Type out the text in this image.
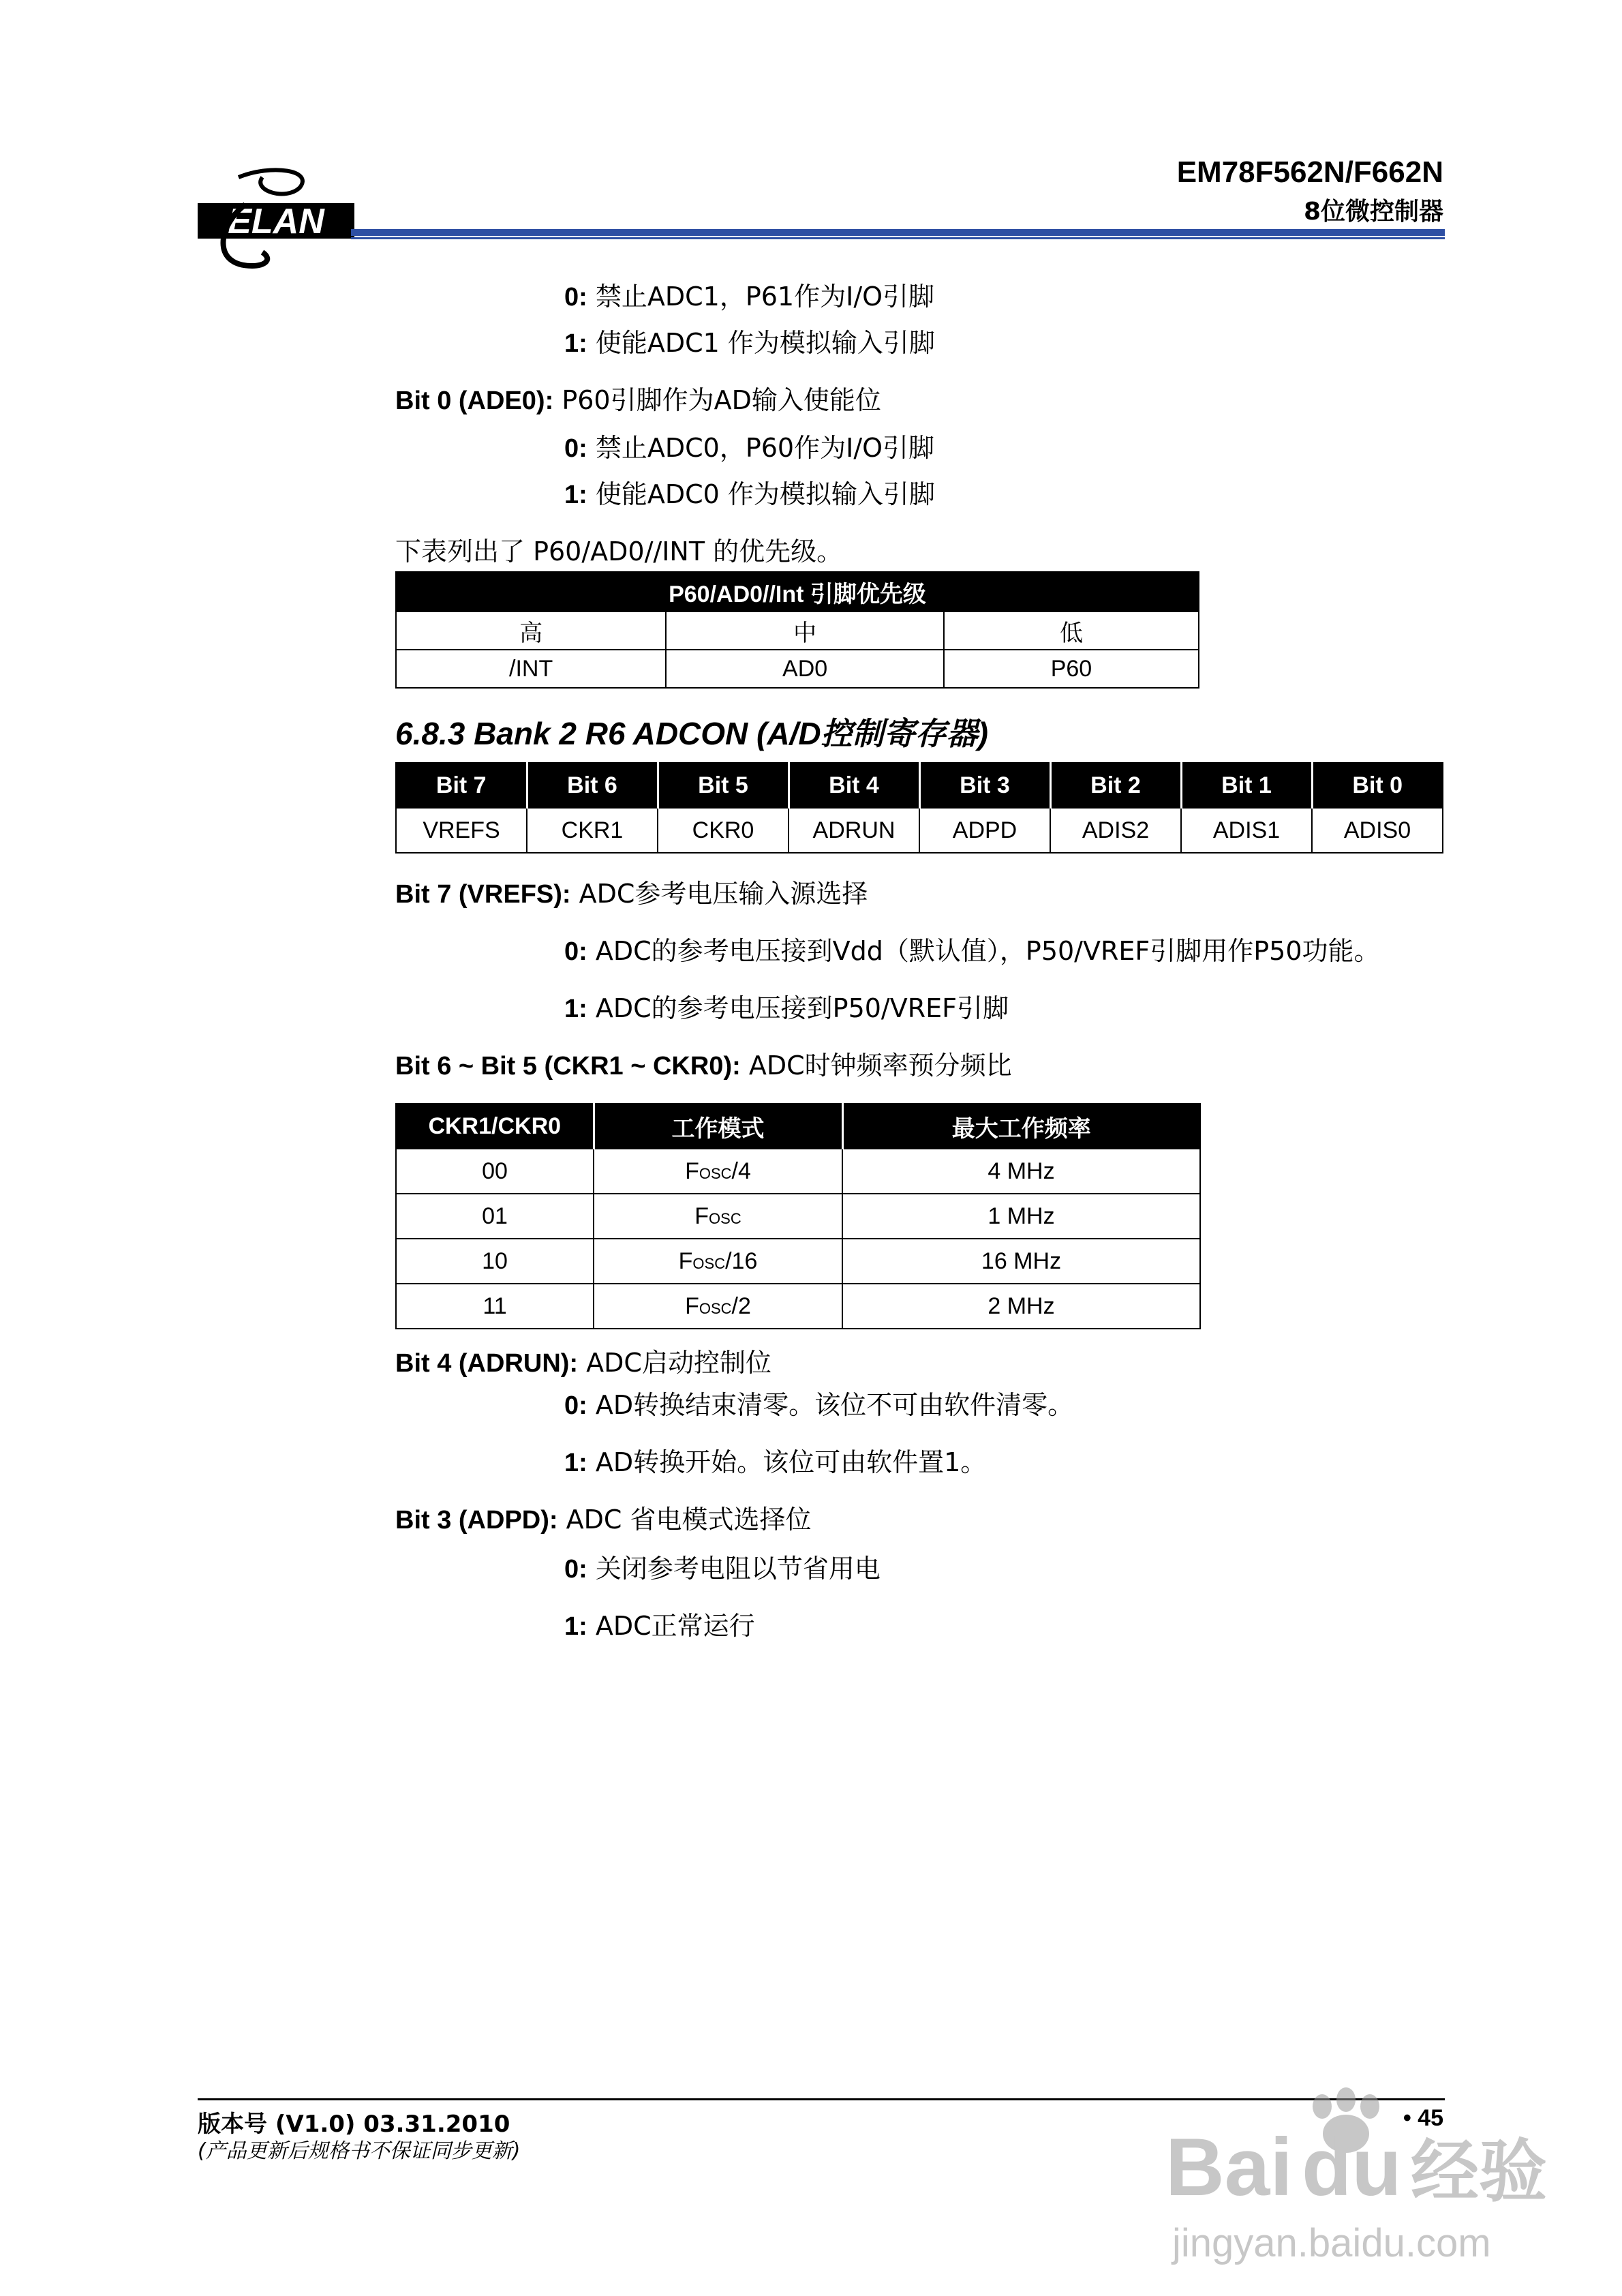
ELAN
EM78F562N/F662N
8位微控制器
0: 禁止ADC1，P61作为I/O引脚
1: 使能ADC1 作为模拟输入引脚
Bit 0 (ADE0): P60引脚作为AD输入使能位
0: 禁止ADC0，P60作为I/O引脚
1: 使能ADC0 作为模拟输入引脚
下表列出了 P60/AD0//INT 的优先级。
P60/AD0//Int 引脚优先级		
高	中	低
/INT	AD0	P60
6.8.3 Bank 2 R6 ADCON (A/D控制寄存器)
Bit 7	Bit 6	Bit 5	Bit 4	Bit 3	Bit 2	Bit 1	Bit 0
VREFS	CKR1	CKR0	ADRUN	ADPD	ADIS2	ADIS1	ADIS0
Bit 7 (VREFS): ADC参考电压输入源选择
0: ADC的参考电压接到Vdd（默认值），P50/VREF引脚用作P50功能。
1: ADC的参考电压接到P50/VREF引脚
Bit 6 ~ Bit 5 (CKR1 ~ CKR0): ADC时钟频率预分频比
CKR1/CKR0	工作模式	最大工作频率
00	FOSC/4	4 MHz
01	FOSC	1 MHz
10	FOSC/16	16 MHz
11	FOSC/2	2 MHz
Bit 4 (ADRUN): ADC启动控制位
0: AD转换结束清零。该位不可由软件清零。
1: AD转换开始。该位可由软件置1。
Bit 3 (ADPD): ADC 省电模式选择位
0: 关闭参考电阻以节省用电
1: ADC正常运行
版本号 (V1.0) 03.31.2010
(产品更新后规格书不保证同步更新)
• 45
Bai du 经验
jingyan.baidu.com
